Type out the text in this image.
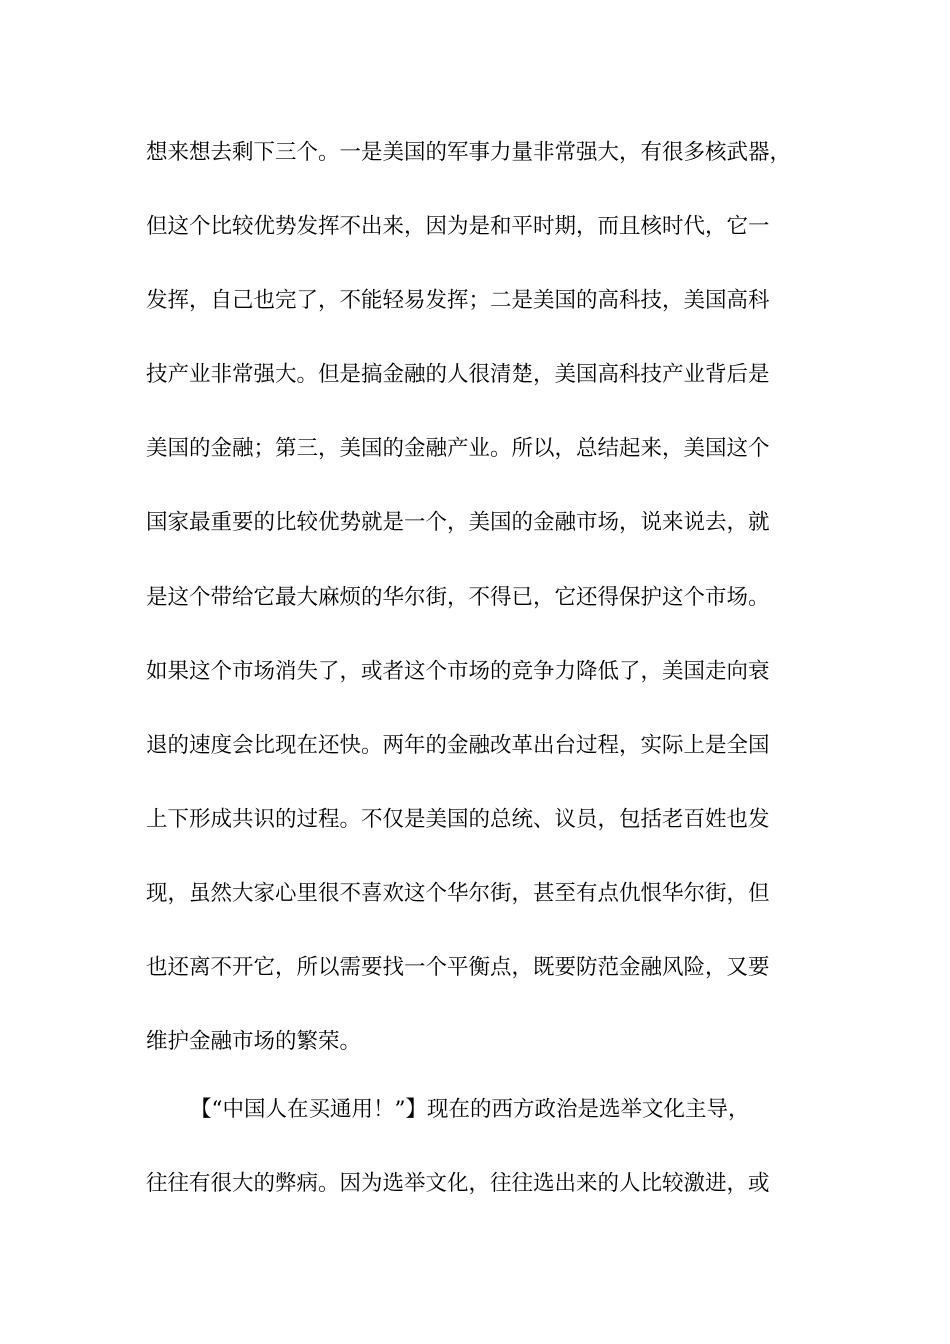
想来想去剩下三个。一是美国的军事力量非常强大，有很多核武器，
但这个比较优势发挥不出来，因为是和平时期，而且核时代，它一
发挥，自己也完了，不能轻易发挥；二是美国的高科技，美国高科
技产业非常强大。但是搞金融的人很清楚，美国高科技产业背后是
美国的金融；第三，美国的金融产业。所以，总结起来，美国这个
国家最重要的比较优势就是一个，美国的金融市场，说来说去，就
是这个带给它最大麻烦的华尔街，不得已，它还得保护这个市场。
如果这个市场消失了，或者这个市场的竞争力降低了，美国走向衰
退的速度会比现在还快。两年的金融改革出台过程，实际上是全国
上下形成共识的过程。不仅是美国的总统、议员，包括老百姓也发
现，虽然大家心里很不喜欢这个华尔街，甚至有点仇恨华尔街，但
也还离不开它，所以需要找一个平衡点，既要防范金融风险，又要
维护金融市场的繁荣。
【“中国人在买通用！”】现在的西方政治是选举文化主导，
往往有很大的弊病。因为选举文化，往往选出来的人比较激进，或
